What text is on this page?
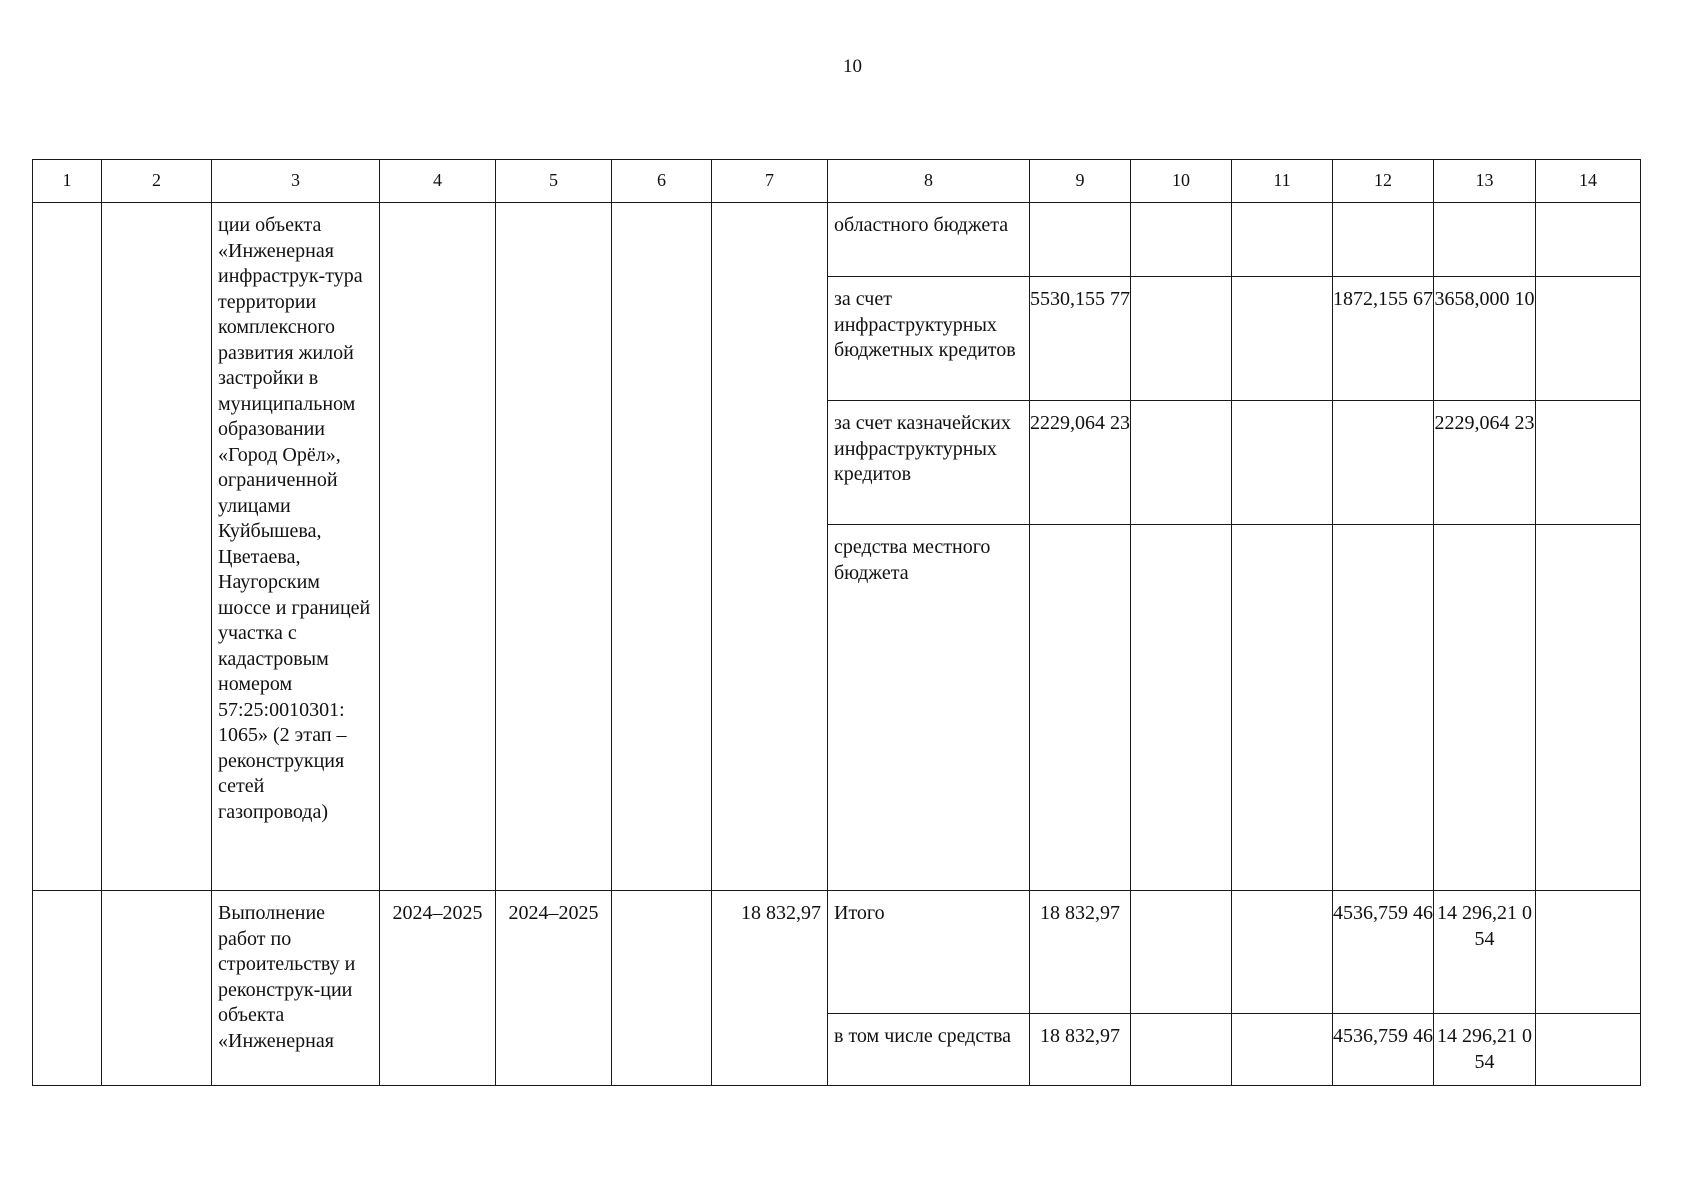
10
1	2	3	4	5	6	7	8	9	10	11	12	13	14
		ции объекта «Инженерная инфраструк-тура территории комплексного развития жилой застройки в муниципальном образовании «Город Орёл», ограниченной улицами Куйбышева, Цветаева, Наугорским шоссе и границей участка с кадастровым номером 57:25:0010301: 1065» (2 этап – реконструкция сетей газопровода)					областного бюджета						
							за счет инфраструктурных бюджетных кредитов	5530,155 77			1872,155 67	3658,000 10	
							за счет казначейских инфраструктурных кредитов	2229,064 23				2229,064 23	
							средства местного бюджета						
		Выполнение работ по строительству и реконструк-ции объекта «Инженерная	2024–2025	2024–2025		18 832,97	Итого	18 832,97			4536,759 46	14 296,21 054	
							в том числе средства	18 832,97			4536,759 46	14 296,21 054	
